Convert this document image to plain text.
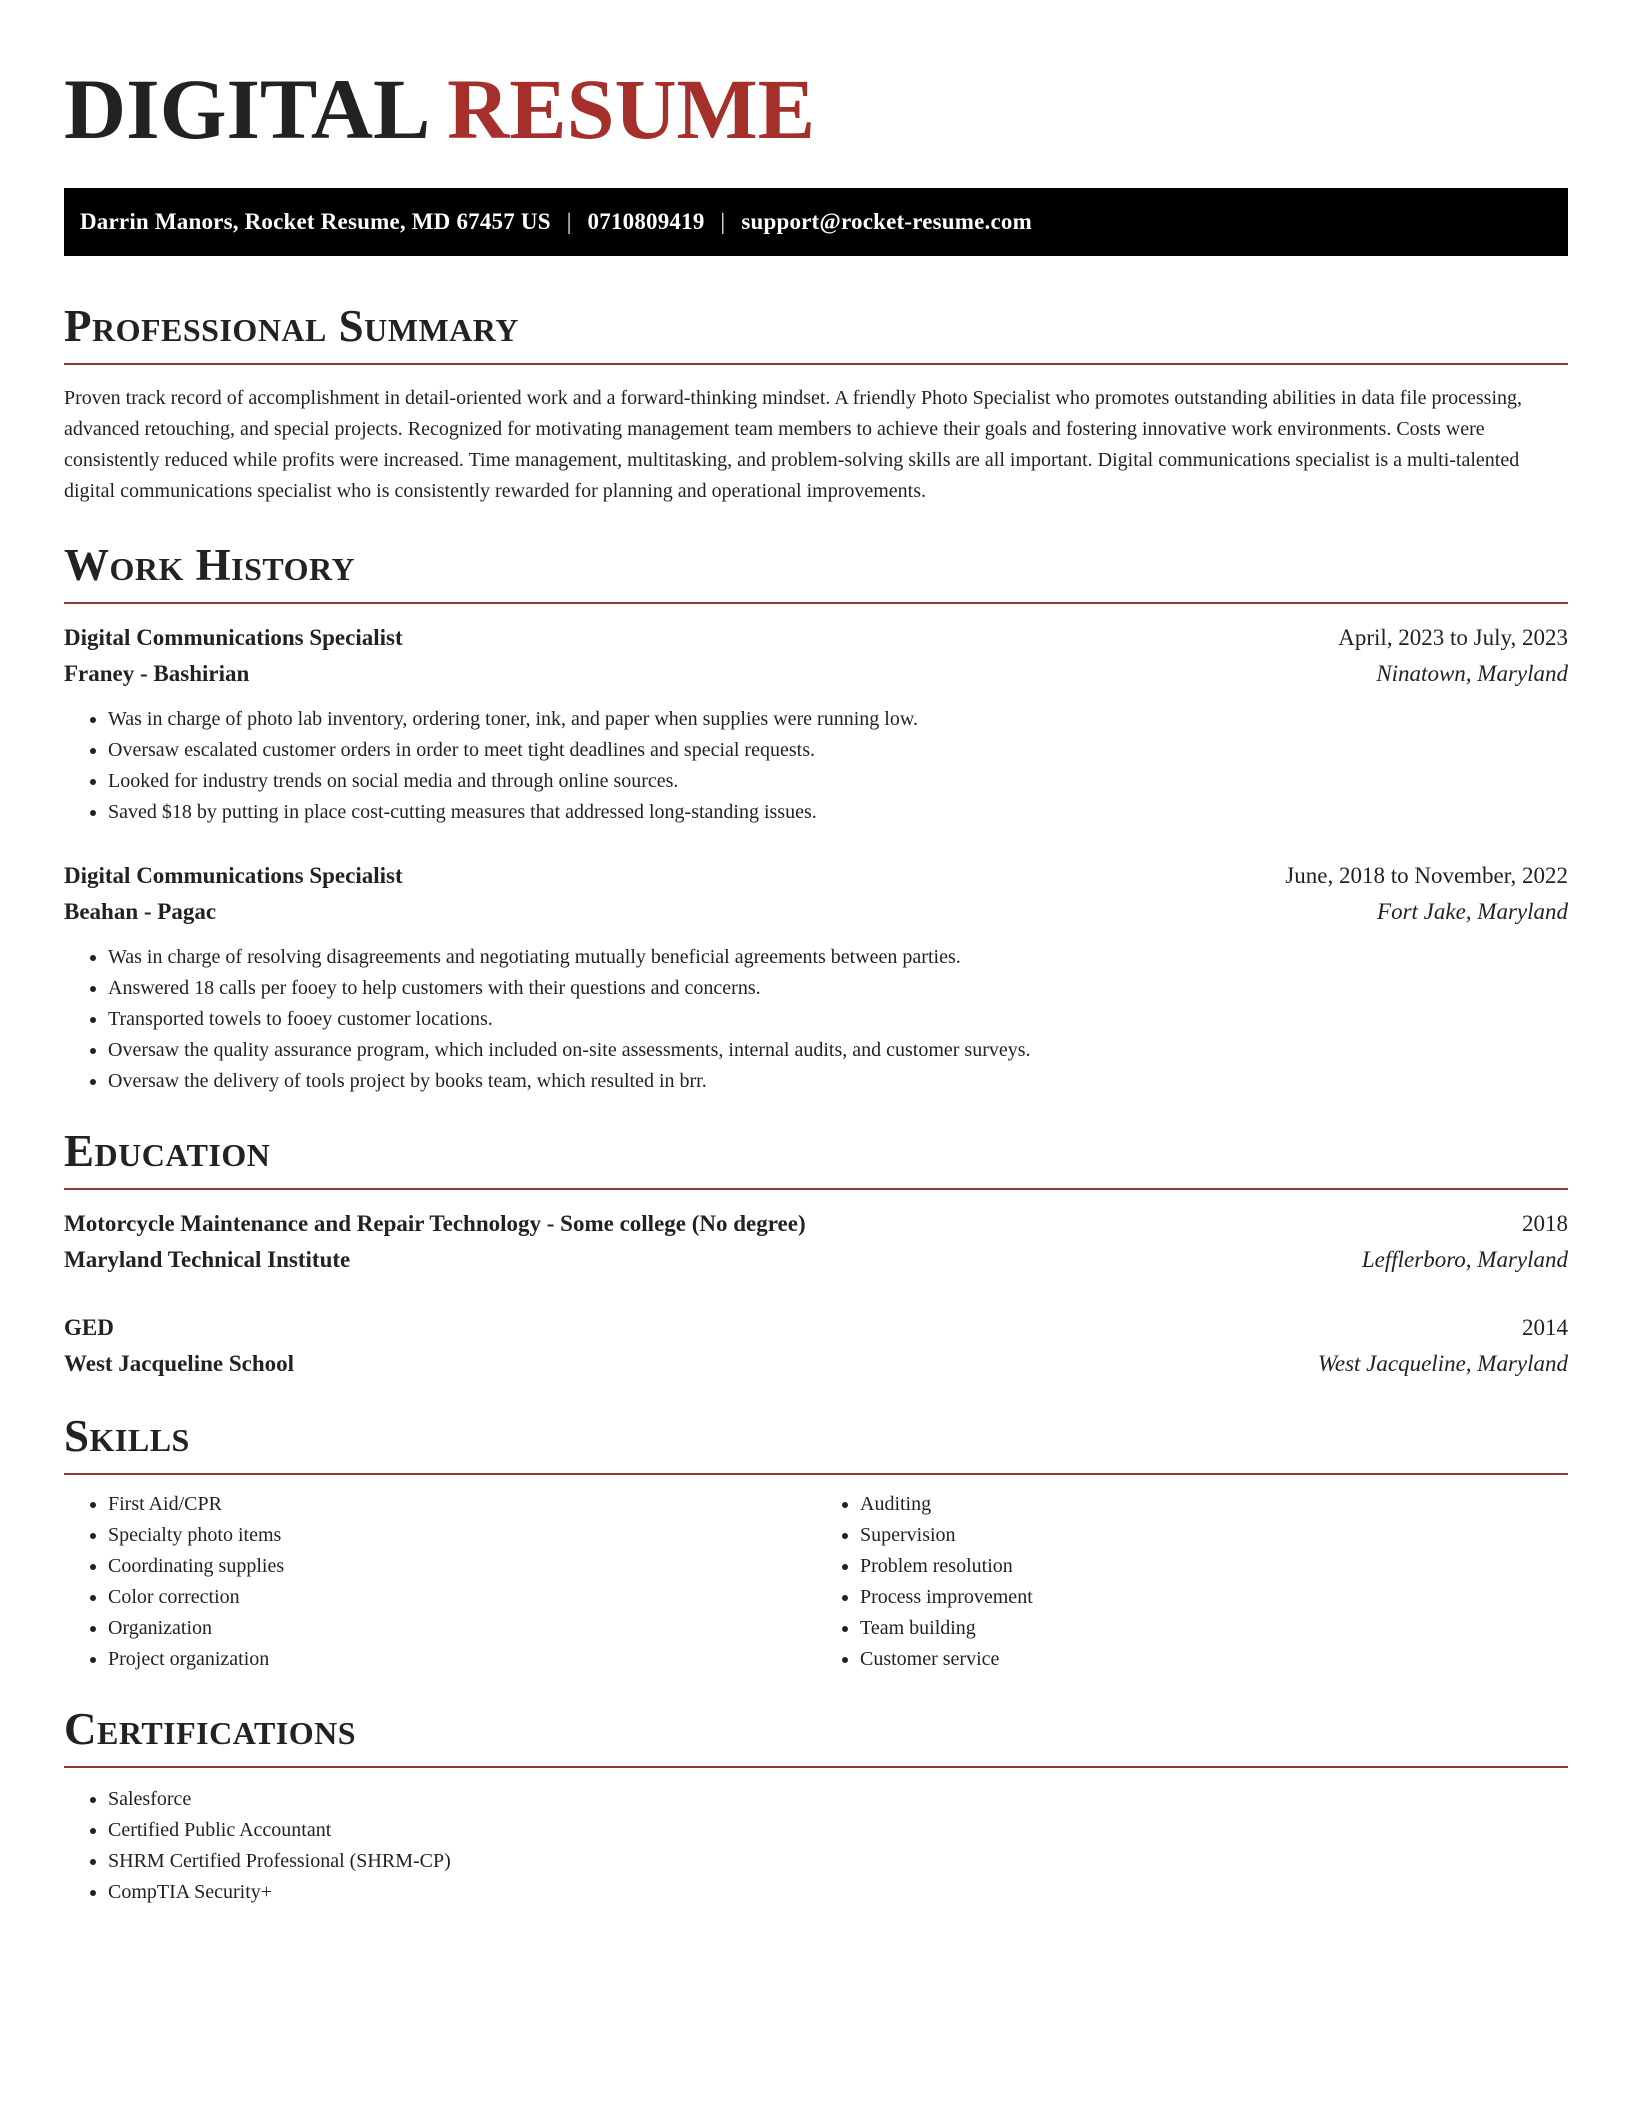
DIGITAL RESUME
Darrin Manors, Rocket Resume, MD 67457 US | 0710809419 | support@rocket-resume.com
Professional Summary

Proven track record of accomplishment in detail-oriented work and a forward-thinking mindset. A friendly Photo Specialist who promotes outstanding abilities in data file processing, advanced retouching, and special projects. Recognized for motivating management team members to achieve their goals and fostering innovative work environments. Costs were consistently reduced while profits were increased. Time management, multitasking, and problem-solving skills are all important. Digital communications specialist is a multi-talented digital communications specialist who is consistently rewarded for planning and operational improvements.

Work History
Digital Communications Specialist	April, 2023 to July, 2023
Franey - Bashirian	Ninatown, Maryland
• Was in charge of photo lab inventory, ordering toner, ink, and paper when supplies were running low.
• Oversaw escalated customer orders in order to meet tight deadlines and special requests.
• Looked for industry trends on social media and through online sources.
• Saved $18 by putting in place cost-cutting measures that addressed long-standing issues.
Digital Communications Specialist	June, 2018 to November, 2022
Beahan - Pagac	Fort Jake, Maryland
• Was in charge of resolving disagreements and negotiating mutually beneficial agreements between parties.
• Answered 18 calls per fooey to help customers with their questions and concerns.
• Transported towels to fooey customer locations.
• Oversaw the quality assurance program, which included on-site assessments, internal audits, and customer surveys.
• Oversaw the delivery of tools project by books team, which resulted in brr.
Education
Motorcycle Maintenance and Repair Technology - Some college (No degree)	2018
Maryland Technical Institute	Lefflerboro, Maryland
GED	2014
West Jacqueline School	West Jacqueline, Maryland
Skills
• First Aid/CPR
• Specialty photo items
• Coordinating supplies
• Color correction
• Organization
• Project organization
• Auditing
• Supervision
• Problem resolution
• Process improvement
• Team building
• Customer service
Certifications
• Salesforce
• Certified Public Accountant
• SHRM Certified Professional (SHRM-CP)
• CompTIA Security+
